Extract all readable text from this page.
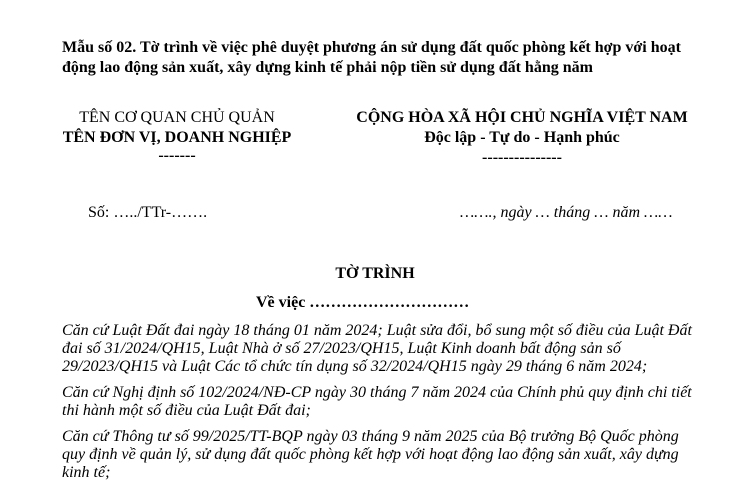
Mẫu số 02. Tờ trình về việc phê duyệt phương án sử dụng đất quốc phòng kết hợp với hoạt động lao động sản xuất, xây dựng kinh tế phải nộp tiền sử dụng đất hằng năm
TÊN CƠ QUAN CHỦ QUẢN
TÊN ĐƠN VỊ, DOANH NGHIỆP
-------
CỘNG HÒA XÃ HỘI CHỦ NGHĨA VIỆT NAM
Độc lập - Tự do - Hạnh phúc
---------------
Số: …../TTr-…….	……., ngày … tháng … năm ……
TỜ TRÌNH
Về việc …………………………

Căn cứ Luật Đất đai ngày 18 tháng 01 năm 2024; Luật sửa đổi, bổ sung một số điều của Luật Đất đai số 31/2024/QH15, Luật Nhà ở số 27/2023/QH15, Luật Kinh doanh bất động sản số 29/2023/QH15 và Luật Các tổ chức tín dụng số 32/2024/QH15 ngày 29 tháng 6 năm 2024;

Căn cứ Nghị định số 102/2024/NĐ-CP ngày 30 tháng 7 năm 2024 của Chính phủ quy định chi tiết thi hành một số điều của Luật Đất đai;

Căn cứ Thông tư số 99/2025/TT-BQP ngày 03 tháng 9 năm 2025 của Bộ trưởng Bộ Quốc phòng quy định về quản lý, sử dụng đất quốc phòng kết hợp với hoạt động lao động sản xuất, xây dựng kinh tế;
